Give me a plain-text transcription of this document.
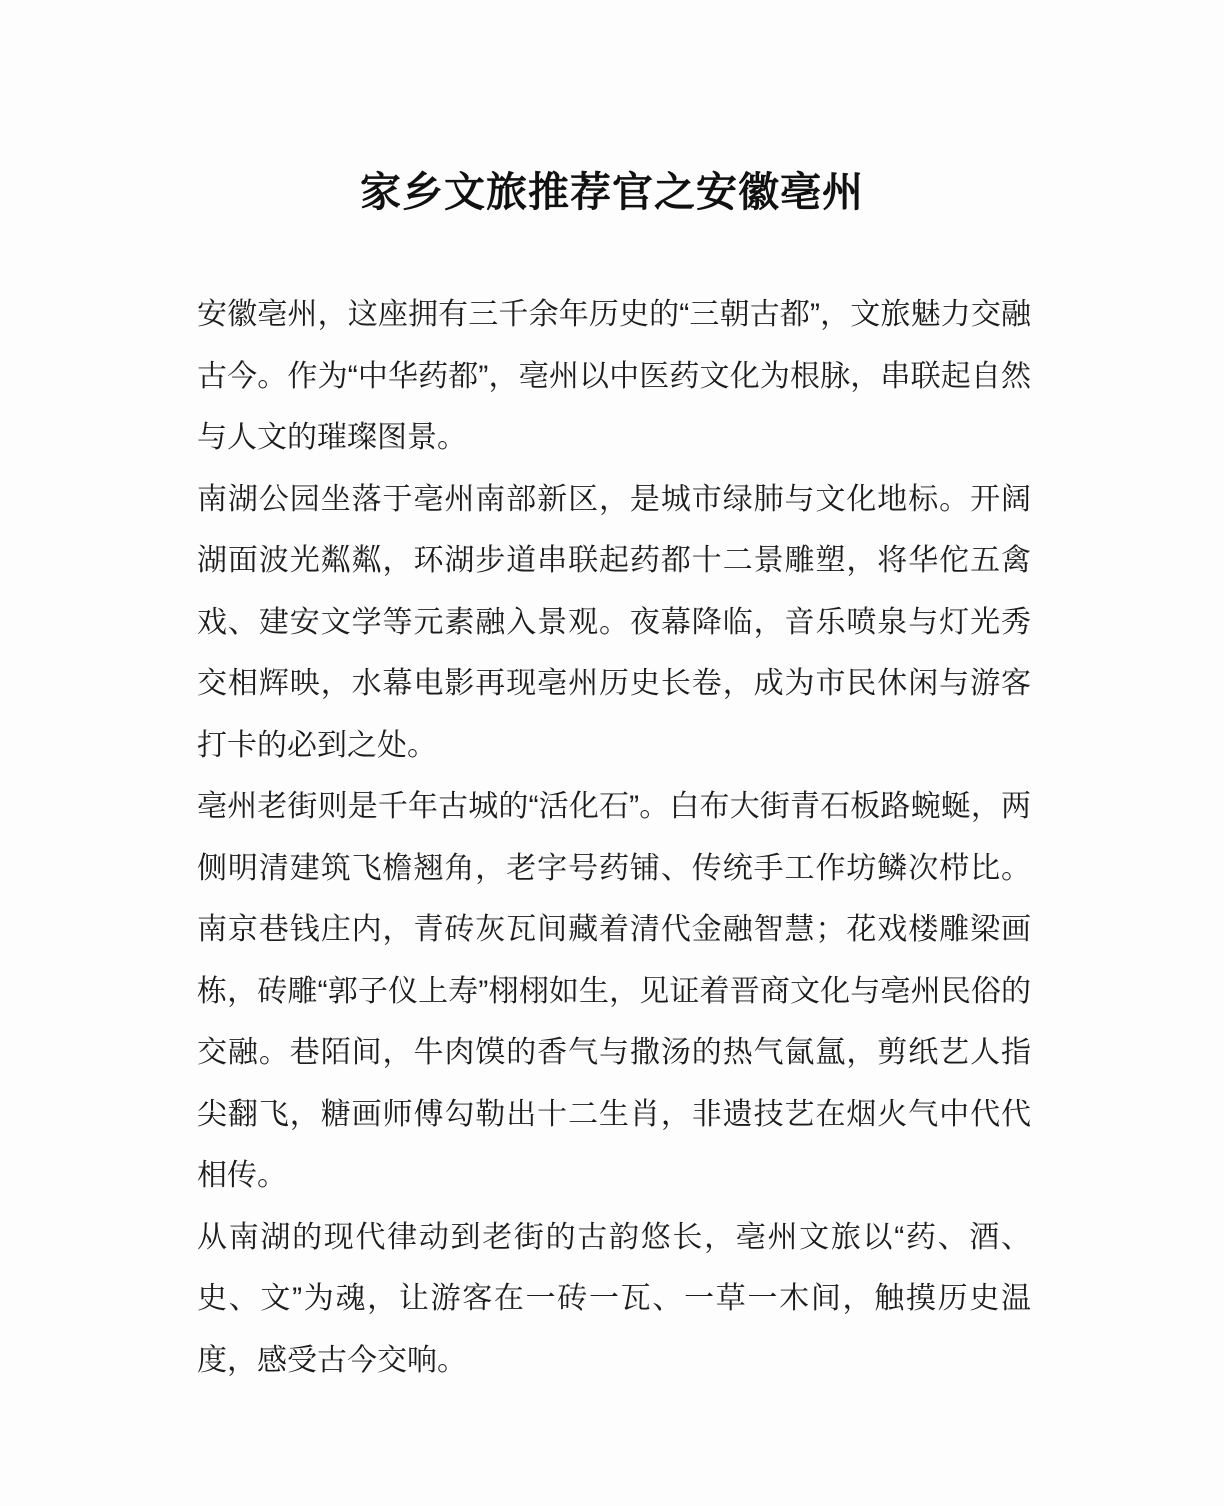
家乡文旅推荐官之安徽亳州

安徽亳州，这座拥有三千余年历史的“三朝古都”，文旅魅力交融古今。作为“中华药都”，亳州以中医药文化为根脉，串联起自然与人文的璀璨图景。

南湖公园坐落于亳州南部新区，是城市绿肺与文化地标。开阔湖面波光粼粼，环湖步道串联起药都十二景雕塑，将华佗五禽戏、建安文学等元素融入景观。夜幕降临，音乐喷泉与灯光秀交相辉映，水幕电影再现亳州历史长卷，成为市民休闲与游客打卡的必到之处。

亳州老街则是千年古城的“活化石”。白布大街青石板路蜿蜒，两侧明清建筑飞檐翘角，老字号药铺、传统手工作坊鳞次栉比。南京巷钱庄内，青砖灰瓦间藏着清代金融智慧；花戏楼雕梁画栋，砖雕“郭子仪上寿”栩栩如生，见证着晋商文化与亳州民俗的交融。巷陌间，牛肉馍的香气与撒汤的热气氤氲，剪纸艺人指尖翻飞，糖画师傅勾勒出十二生肖，非遗技艺在烟火气中代代相传。

从南湖的现代律动到老街的古韵悠长，亳州文旅以“药、酒、史、文”为魂，让游客在一砖一瓦、一草一木间，触摸历史温度，感受古今交响。
